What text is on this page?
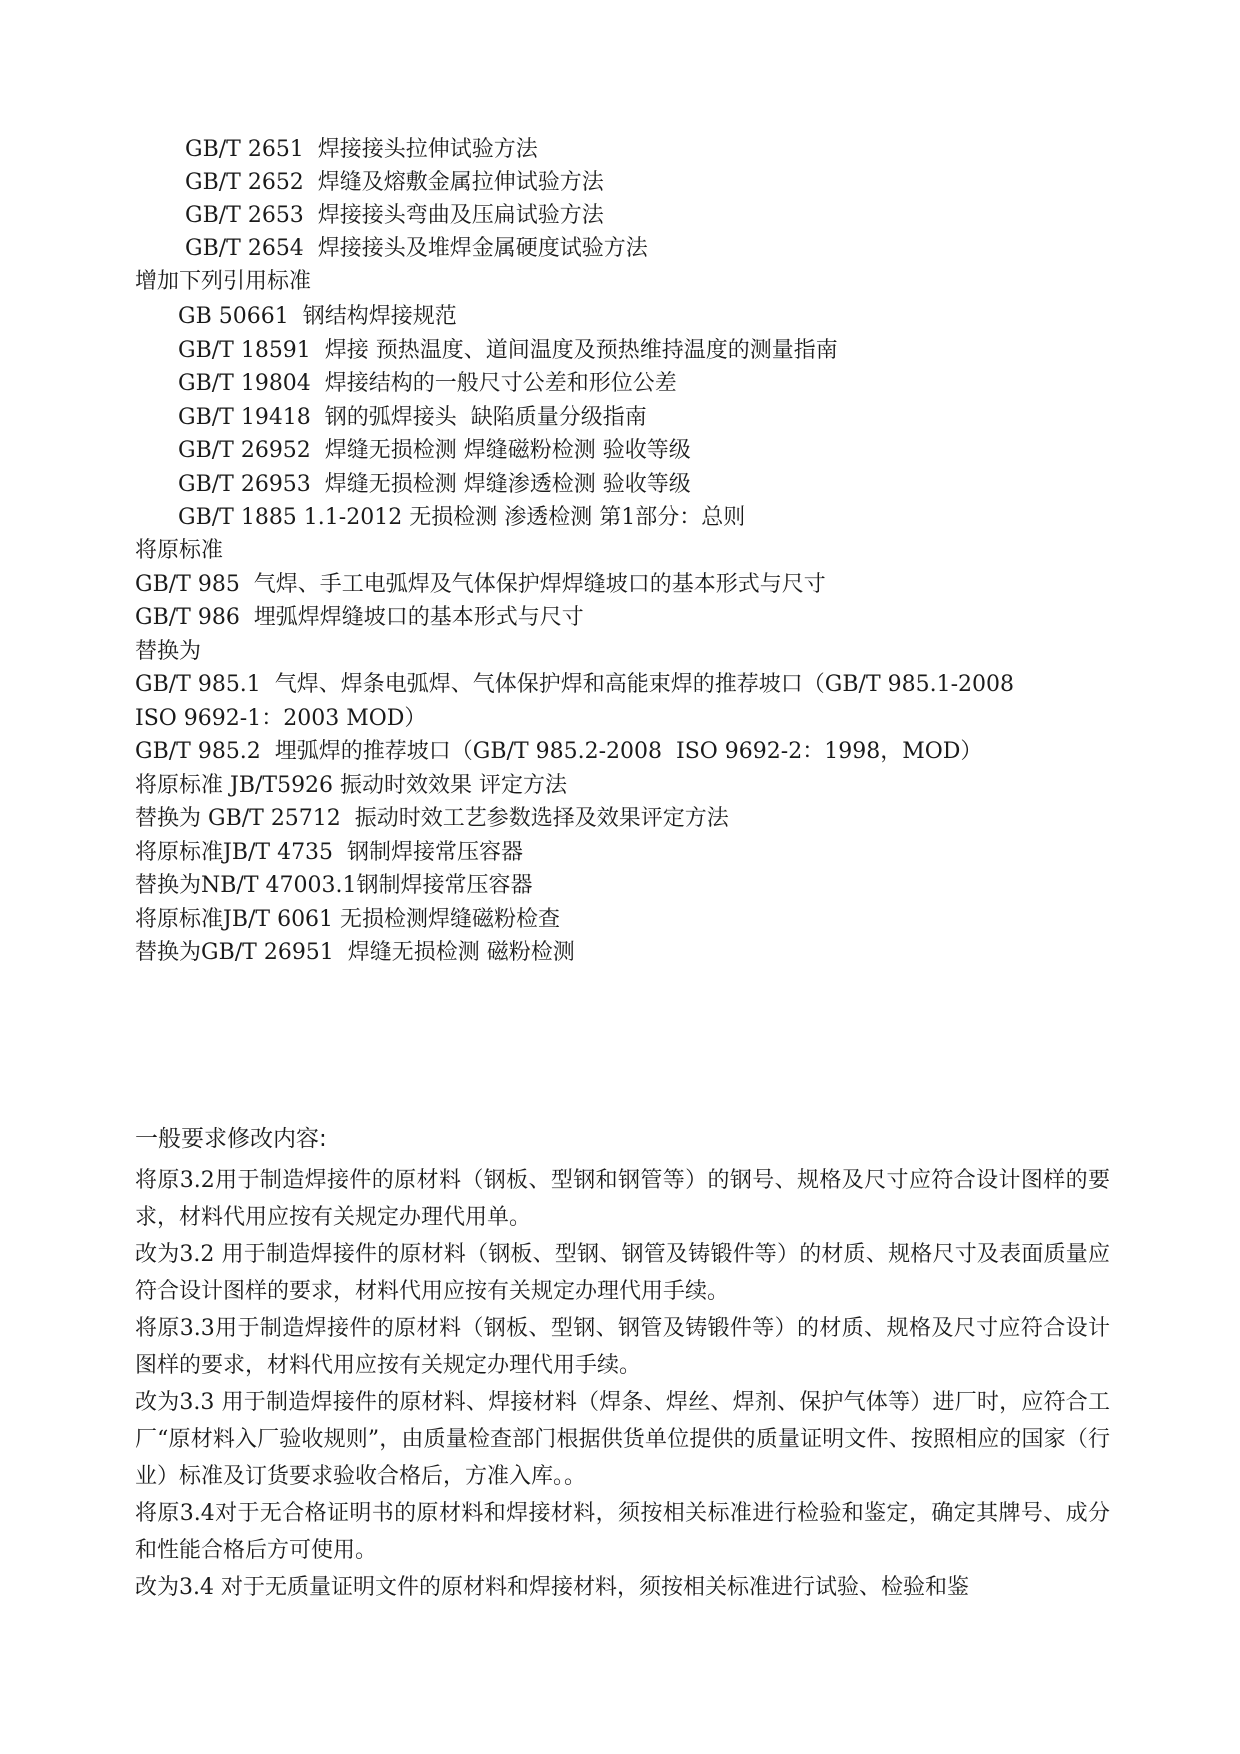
GB/T 2651  焊接接头拉伸试验方法
GB/T 2652  焊缝及熔敷金属拉伸试验方法
GB/T 2653  焊接接头弯曲及压扁试验方法
GB/T 2654  焊接接头及堆焊金属硬度试验方法
增加下列引用标准
GB 50661  钢结构焊接规范
GB/T 18591  焊接 预热温度、道间温度及预热维持温度的测量指南
GB/T 19804  焊接结构的一般尺寸公差和形位公差
GB/T 19418  钢的弧焊接头  缺陷质量分级指南
GB/T 26952  焊缝无损检测 焊缝磁粉检测 验收等级
GB/T 26953  焊缝无损检测 焊缝渗透检测 验收等级
GB/T 1885 1.1-2012 无损检测 渗透检测 第1部分：总则
将原标准
GB/T 985  气焊、手工电弧焊及气体保护焊焊缝坡口的基本形式与尺寸
GB/T 986  埋弧焊焊缝坡口的基本形式与尺寸
替换为
GB/T 985.1  气焊、焊条电弧焊、气体保护焊和高能束焊的推荐坡口（GB/T 985.1-2008
ISO 9692-1：2003 MOD）
GB/T 985.2  埋弧焊的推荐坡口（GB/T 985.2-2008  ISO 9692-2：1998，MOD）
将原标准 JB/T5926 振动时效效果 评定方法
替换为 GB/T 25712  振动时效工艺参数选择及效果评定方法
将原标准JB/T 4735  钢制焊接常压容器
替换为NB/T 47003.1钢制焊接常压容器
将原标准JB/T 6061 无损检测焊缝磁粉检查
替换为GB/T 26951  焊缝无损检测 磁粉检测
一般要求修改内容:
将原3.2用于制造焊接件的原材料（钢板、型钢和钢管等）的钢号、规格及尺寸应符合设计图样的要求，材料代用应按有关规定办理代用单。
改为3.2 用于制造焊接件的原材料（钢板、型钢、钢管及铸锻件等）的材质、规格尺寸及表面质量应符合设计图样的要求，材料代用应按有关规定办理代用手续。
将原3.3用于制造焊接件的原材料（钢板、型钢、钢管及铸锻件等）的材质、规格及尺寸应符合设计图样的要求，材料代用应按有关规定办理代用手续。
改为3.3 用于制造焊接件的原材料、焊接材料（焊条、焊丝、焊剂、保护气体等）进厂时，应符合工厂“原材料入厂验收规则”，由质量检查部门根据供货单位提供的质量证明文件、按照相应的国家（行业）标准及订货要求验收合格后，方准入库。。
将原3.4对于无合格证明书的原材料和焊接材料，须按相关标准进行检验和鉴定，确定其牌号、成分和性能合格后方可使用。
改为3.4 对于无质量证明文件的原材料和焊接材料，须按相关标准进行试验、检验和鉴
